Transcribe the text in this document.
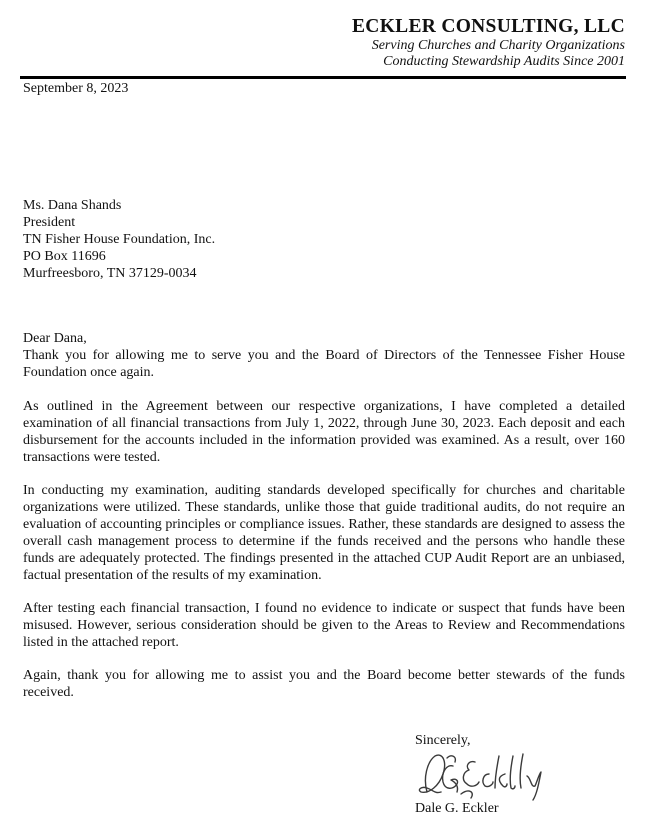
ECKLER CONSULTING, LLC
Serving Churches and Charity Organizations
Conducting Stewardship Audits Since 2001
September 8, 2023
Ms. Dana Shands
President
TN Fisher House Foundation, Inc.
PO Box 11696
Murfreesboro, TN 37129-0034
Dear Dana,

Thank you for allowing me to serve you and the Board of Directors of the Tennessee Fisher House Foundation once again.

As outlined in the Agreement between our respective organizations, I have completed a detailed examination of all financial transactions from July 1, 2022, through June 30, 2023. Each deposit and each disbursement for the accounts included in the information provided was examined. As a result, over 160 transactions were tested.

In conducting my examination, auditing standards developed specifically for churches and charitable organizations were utilized. These standards, unlike those that guide traditional audits, do not require an evaluation of accounting principles or compliance issues. Rather, these standards are designed to assess the overall cash management process to determine if the funds received and the persons who handle these funds are adequately protected. The findings presented in the attached CUP Audit Report are an unbiased, factual presentation of the results of my examination.

After testing each financial transaction, I found no evidence to indicate or suspect that funds have been misused. However, serious consideration should be given to the Areas to Review and Recommendations listed in the attached report.

Again, thank you for allowing me to assist you and the Board become better stewards of the funds received.

Sincerely,
Dale G. Eckler
